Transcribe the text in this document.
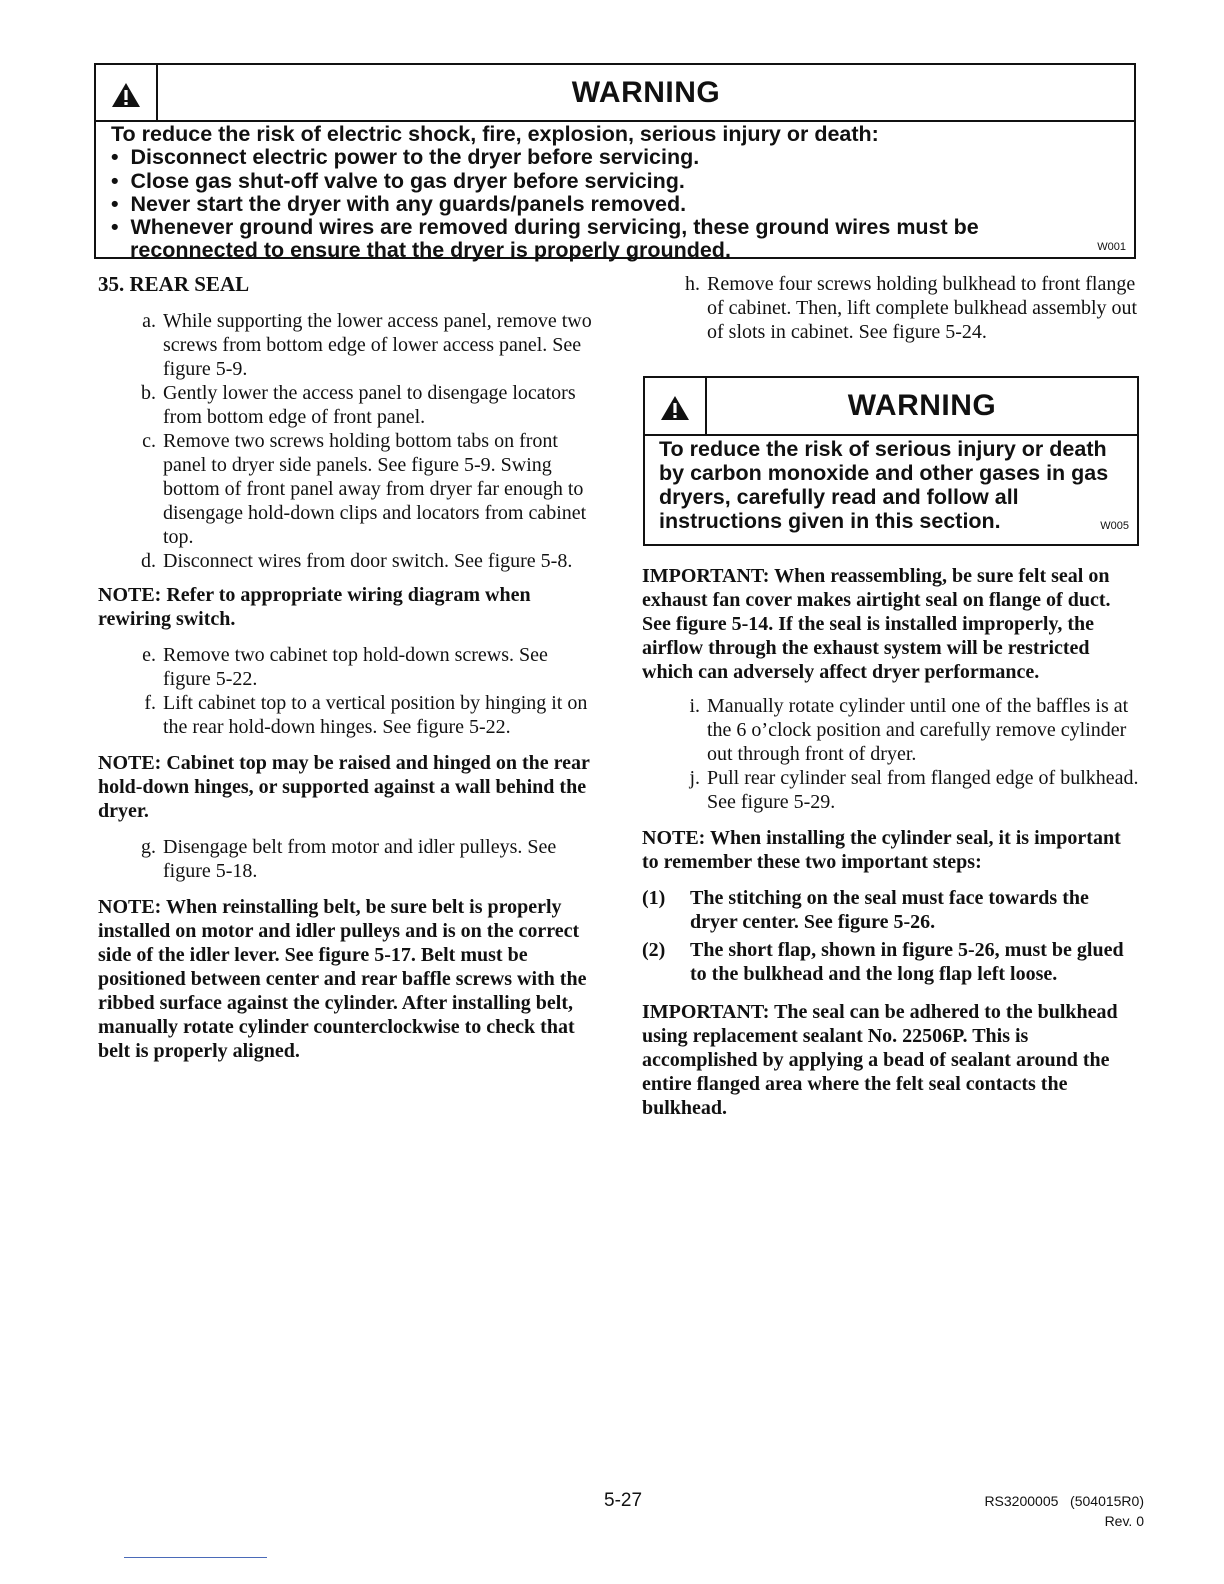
WARNING
To reduce the risk of electric shock, fire, explosion, serious injury or death:
• Disconnect electric power to the dryer before servicing.
• Close gas shut-off valve to gas dryer before servicing.
• Never start the dryer with any guards/panels removed.
• Whenever ground wires are removed during servicing, these ground wires must be reconnected to ensure that the dryer is properly grounded.	W001
35. REAR SEAL

a. While supporting the lower access panel, remove two screws from bottom edge of lower access panel. See figure 5-9.

b. Gently lower the access panel to disengage locators from bottom edge of front panel.

c. Remove two screws holding bottom tabs on front panel to dryer side panels. See figure 5-9. Swing bottom of front panel away from dryer far enough to disengage hold-down clips and locators from cabinet top.

d. Disconnect wires from door switch. See figure 5-8.

NOTE: Refer to appropriate wiring diagram when rewiring switch.

e. Remove two cabinet top hold-down screws. See figure 5-22.

f. Lift cabinet top to a vertical position by hinging it on the rear hold-down hinges. See figure 5-22.

NOTE: Cabinet top may be raised and hinged on the rear hold-down hinges, or supported against a wall behind the dryer.

g. Disengage belt from motor and idler pulleys. See figure 5-18.

NOTE: When reinstalling belt, be sure belt is properly installed on motor and idler pulleys and is on the correct side of the idler lever. See figure 5-17. Belt must be positioned between center and rear baffle screws with the ribbed surface against the cylinder. After installing belt, manually rotate cylinder counterclockwise to check that belt is properly aligned.

h. Remove four screws holding bulkhead to front flange of cabinet. Then, lift complete bulkhead assembly out of slots in cabinet. See figure 5-24.

WARNING
To reduce the risk of serious injury or death by carbon monoxide and other gases in gas dryers, carefully read and follow all instructions given in this section.	W005

IMPORTANT: When reassembling, be sure felt seal on exhaust fan cover makes airtight seal on flange of duct. See figure 5-14. If the seal is installed improperly, the airflow through the exhaust system will be restricted which can adversely affect dryer performance.

i. Manually rotate cylinder until one of the baffles is at the 6 o’clock position and carefully remove cylinder out through front of dryer.

j. Pull rear cylinder seal from flanged edge of bulkhead. See figure 5-29.

NOTE: When installing the cylinder seal, it is important to remember these two important steps:

(1) The stitching on the seal must face towards the dryer center. See figure 5-26.

(2) The short flap, shown in figure 5-26, must be glued to the bulkhead and the long flap left loose.

IMPORTANT: The seal can be adhered to the bulkhead using replacement sealant No. 22506P. This is accomplished by applying a bead of sealant around the entire flanged area where the felt seal contacts the bulkhead.

5-27	RS3200005   (504015R0)
Rev. 0
